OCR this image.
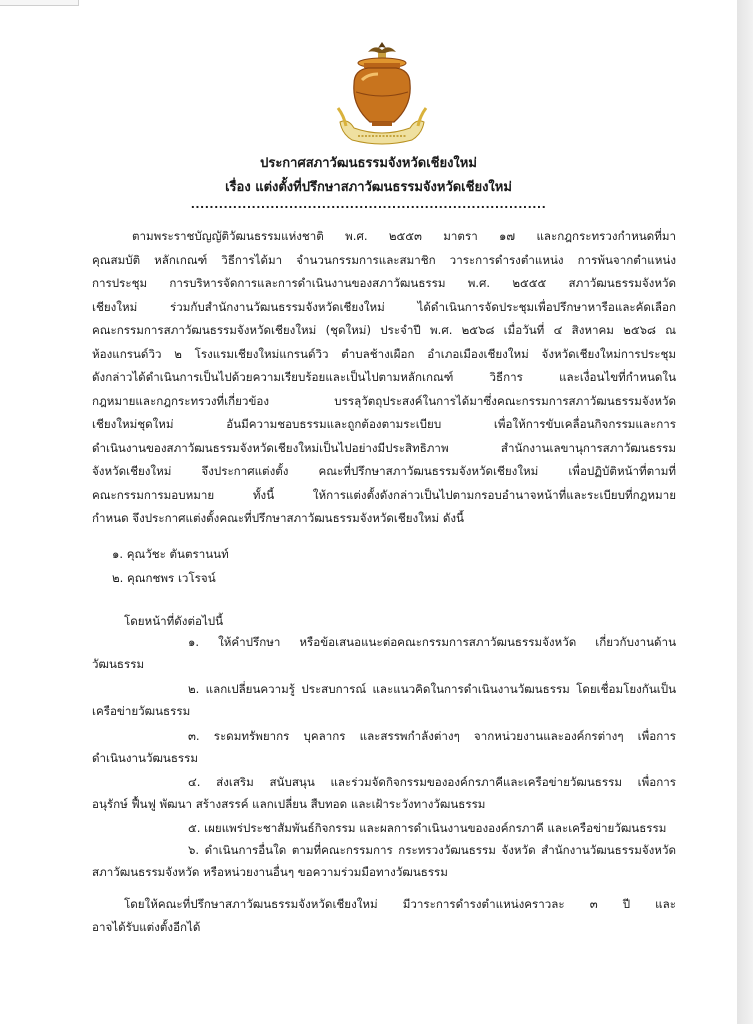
ประกาศสภาวัฒนธรรมจังหวัดเชียงใหม่
เรื่อง แต่งตั้งที่ปรึกษาสภาวัฒนธรรมจังหวัดเชียงใหม่
............................................................................
ตามพระราชบัญญัติวัฒนธรรมแห่งชาติ พ.ศ. ๒๕๕๓ มาตรา ๑๗ และกฎกระทรวงกำหนดที่มา
คุณสมบัติ หลักเกณฑ์ วิธีการได้มา จำนวนกรรมการและสมาชิก วาระการดำรงตำแหน่ง การพ้นจากตำแหน่ง
การประชุม การบริหารจัดการและการดำเนินงานของสภาวัฒนธรรม พ.ศ. ๒๕๕๕ สภาวัฒนธรรมจังหวัด
เชียงใหม่ ร่วมกับสำนักงานวัฒนธรรมจังหวัดเชียงใหม่ ได้ดำเนินการจัดประชุมเพื่อปรึกษาหารือและคัดเลือก
คณะกรรมการสภาวัฒนธรรมจังหวัดเชียงใหม่ (ชุดใหม่) ประจำปี พ.ศ. ๒๕๖๘ เมื่อวันที่ ๔ สิงหาคม ๒๕๖๘ ณ
ห้องแกรนด์วิว ๒ โรงแรมเชียงใหม่แกรนด์วิว ตำบลช้างเผือก อำเภอเมืองเชียงใหม่ จังหวัดเชียงใหม่การประชุม
ดังกล่าวได้ดำเนินการเป็นไปด้วยความเรียบร้อยและเป็นไปตามหลักเกณฑ์ วิธีการ และเงื่อนไขที่กำหนดใน
กฎหมายและกฎกระทรวงที่เกี่ยวข้อง บรรลุวัตถุประสงค์ในการได้มาซึ่งคณะกรรมการสภาวัฒนธรรมจังหวัด
เชียงใหม่ชุดใหม่ อันมีความชอบธรรมและถูกต้องตามระเบียบ เพื่อให้การขับเคลื่อนกิจกรรมและการ
ดำเนินงานของสภาวัฒนธรรมจังหวัดเชียงใหม่เป็นไปอย่างมีประสิทธิภาพ สำนักงานเลขานุการสภาวัฒนธรรม
จังหวัดเชียงใหม่ จึงประกาศแต่งตั้ง คณะที่ปรึกษาสภาวัฒนธรรมจังหวัดเชียงใหม่ เพื่อปฏิบัติหน้าที่ตามที่
คณะกรรมการมอบหมาย ทั้งนี้ ให้การแต่งตั้งดังกล่าวเป็นไปตามกรอบอำนาจหน้าที่และระเบียบที่กฎหมาย
กำหนด จึงประกาศแต่งตั้งคณะที่ปรึกษาสภาวัฒนธรรมจังหวัดเชียงใหม่ ดังนี้
๑. คุณวัชะ ตันตรานนท์
๒. คุณกชพร เวโรจน์
โดยหน้าที่ดังต่อไปนี้
๑. ให้คำปรึกษา หรือข้อเสนอแนะต่อคณะกรรมการสภาวัฒนธรรมจังหวัด เกี่ยวกับงานด้าน
วัฒนธรรม
๒. แลกเปลี่ยนความรู้ ประสบการณ์ และแนวคิดในการดำเนินงานวัฒนธรรม โดยเชื่อมโยงกันเป็น
เครือข่ายวัฒนธรรม
๓. ระดมทรัพยากร บุคลากร และสรรพกำลังต่างๆ จากหน่วยงานและองค์กรต่างๆ เพื่อการ
ดำเนินงานวัฒนธรรม
๔. ส่งเสริม สนับสนุน และร่วมจัดกิจกรรมขององค์กรภาคีและเครือข่ายวัฒนธรรม เพื่อการ
อนุรักษ์ ฟื้นฟู พัฒนา สร้างสรรค์ แลกเปลี่ยน สืบทอด และเฝ้าระวังทางวัฒนธรรม
๕. เผยแพร่ประชาสัมพันธ์กิจกรรม และผลการดำเนินงานขององค์กรภาคี และเครือข่ายวัฒนธรรม
๖. ดำเนินการอื่นใด ตามที่คณะกรรมการ กระทรวงวัฒนธรรม จังหวัด สำนักงานวัฒนธรรมจังหวัด
สภาวัฒนธรรมจังหวัด หรือหน่วยงานอื่นๆ ขอความร่วมมือทางวัฒนธรรม
โดยให้คณะที่ปรึกษาสภาวัฒนธรรมจังหวัดเชียงใหม่ มีวาระการดำรงตำแหน่งคราวละ ๓ ปี และ
อาจได้รับแต่งตั้งอีกได้
